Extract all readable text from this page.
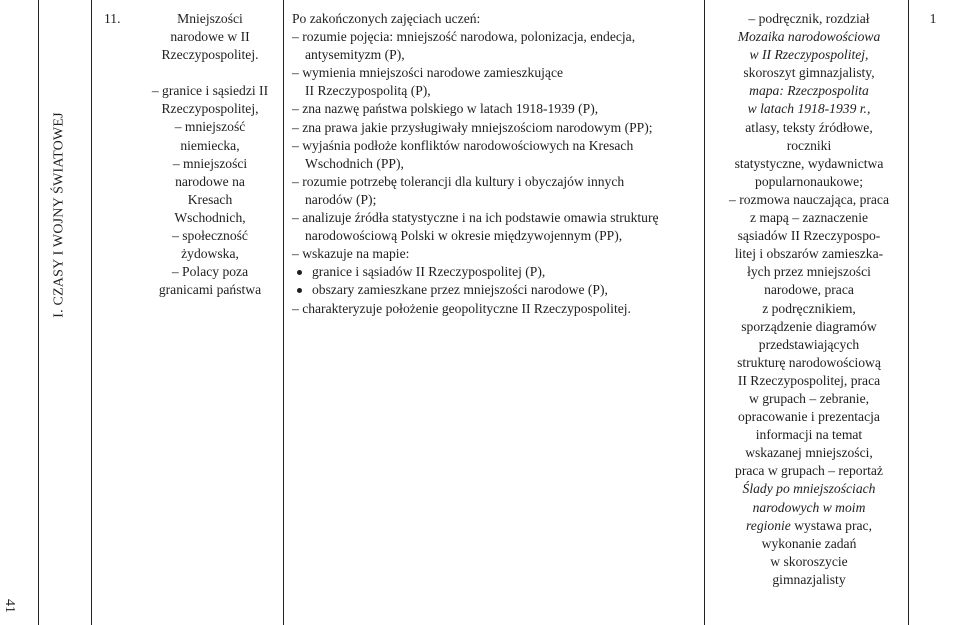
I. CZASY I WOJNY ŚWIATOWEJ
41
11.	Mniejszości
narodowe w II
Rzeczypospolitej.
– granice i sąsiedzi II
Rzeczypospolitej,
– mniejszość
niemiecka,
– mniejszości
narodowe na
Kresach
Wschodnich,
– społeczność
żydowska,
– Polacy poza
granicami państwa
Po zakończonych zajęciach uczeń:
– rozumie pojęcia: mniejszość narodowa, polonizacja, endecja,
antysemityzm (P),
– wymienia mniejszości narodowe zamieszkujące
II Rzeczypospolitą (P),
– zna nazwę państwa polskiego w latach 1918-1939 (P),
– zna prawa jakie przysługiwały mniejszościom narodowym (PP);
– wyjaśnia podłoże konfliktów narodowościowych na Kresach
Wschodnich (PP),
– rozumie potrzebę tolerancji dla kultury i obyczajów innych
narodów (P);
– analizuje źródła statystyczne i na ich podstawie omawia strukturę
narodowościową Polski w okresie międzywojennym (PP),
– wskazuje na mapie:
granice i sąsiadów II Rzeczypospolitej (P),
obszary zamieszkane przez mniejszości narodowe (P),
– charakteryzuje położenie geopolityczne II Rzeczypospolitej.
– podręcznik, rozdział
Mozaika narodowościowa
w II Rzeczypospolitej,
skoroszyt gimnazjalisty,
mapa: Rzeczpospolita
w latach 1918-1939 r.,
atlasy, teksty źródłowe,
roczniki
statystyczne, wydawnictwa
popularnonaukowe;
– rozmowa nauczająca, praca
z mapą – zaznaczenie
sąsiadów II Rzeczypospo-
litej i obszarów zamieszka-
łych przez mniejszości
narodowe, praca
z podręcznikiem,
sporządzenie diagramów
przedstawiających
strukturę narodowościową
II Rzeczypospolitej, praca
w grupach – zebranie,
opracowanie i prezentacja
informacji na temat
wskazanej mniejszości,
praca w grupach – reportaż
Ślady po mniejszościach
narodowych w moim
regionie wystawa prac,
wykonanie zadań
w skoroszycie
gimnazjalisty
1
